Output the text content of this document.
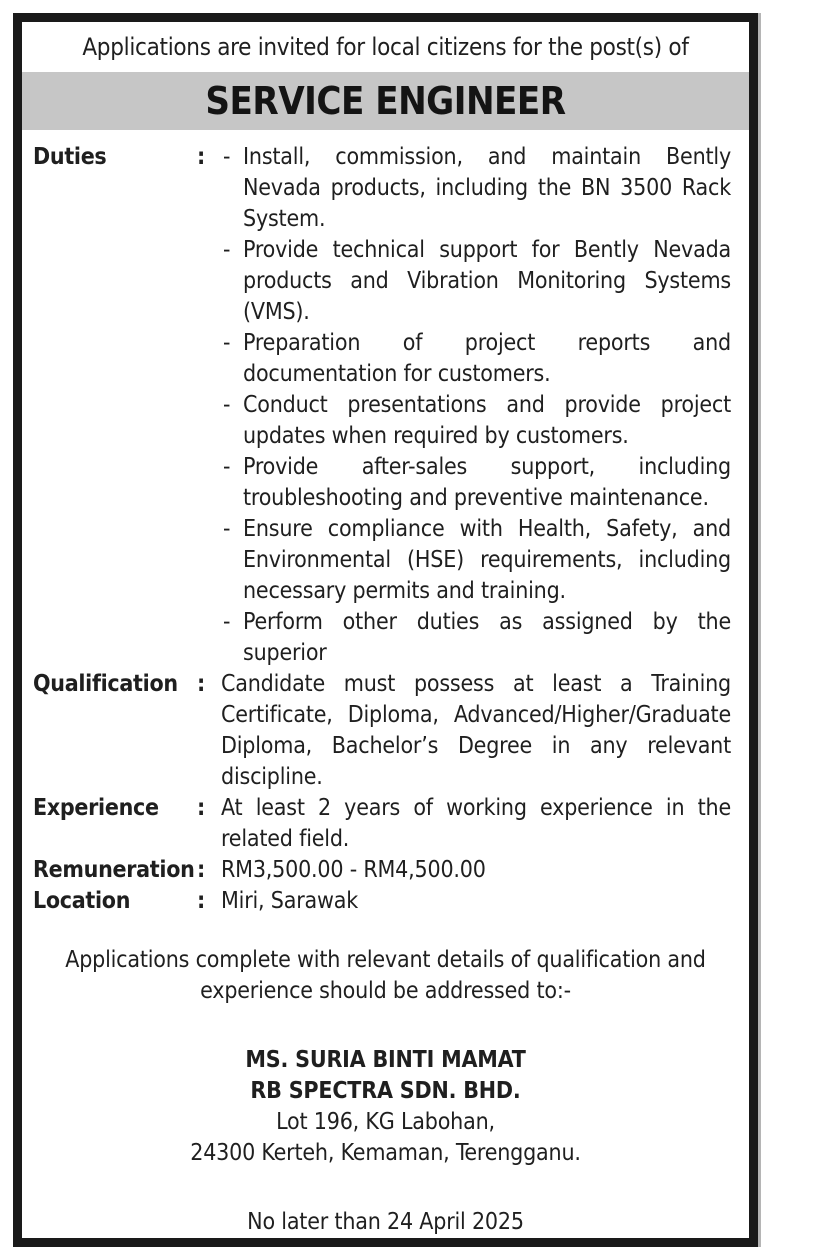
Applications are invited for local citizens for the post(s) of
SERVICE ENGINEER
Duties	: - Install, commission, and maintain Bently Nevada products, including the BN 3500 Rack System.
- Provide technical support for Bently Nevada products and Vibration Monitoring Systems (VMS).
- Preparation of project reports and documentation for customers.
- Conduct presentations and provide project updates when required by customers.
- Provide after-sales support, including troubleshooting and preventive maintenance.
- Ensure compliance with Health, Safety, and Environmental (HSE) requirements, including necessary permits and training.
- Perform other duties as assigned by the superior
Qualification : Candidate must possess at least a Training Certificate, Diploma, Advanced/Higher/Graduate Diploma, Bachelor’s Degree in any relevant discipline.
Experience	: At least 2 years of working experience in the related field.
Remuneration : RM3,500.00 - RM4,500.00
Location	: Miri, Sarawak
Applications complete with relevant details of qualification and experience should be addressed to:-
MS. SURIA BINTI MAMAT
RB SPECTRA SDN. BHD.
Lot 196, KG Labohan,
24300 Kerteh, Kemaman, Terengganu.
No later than 24 April 2025
